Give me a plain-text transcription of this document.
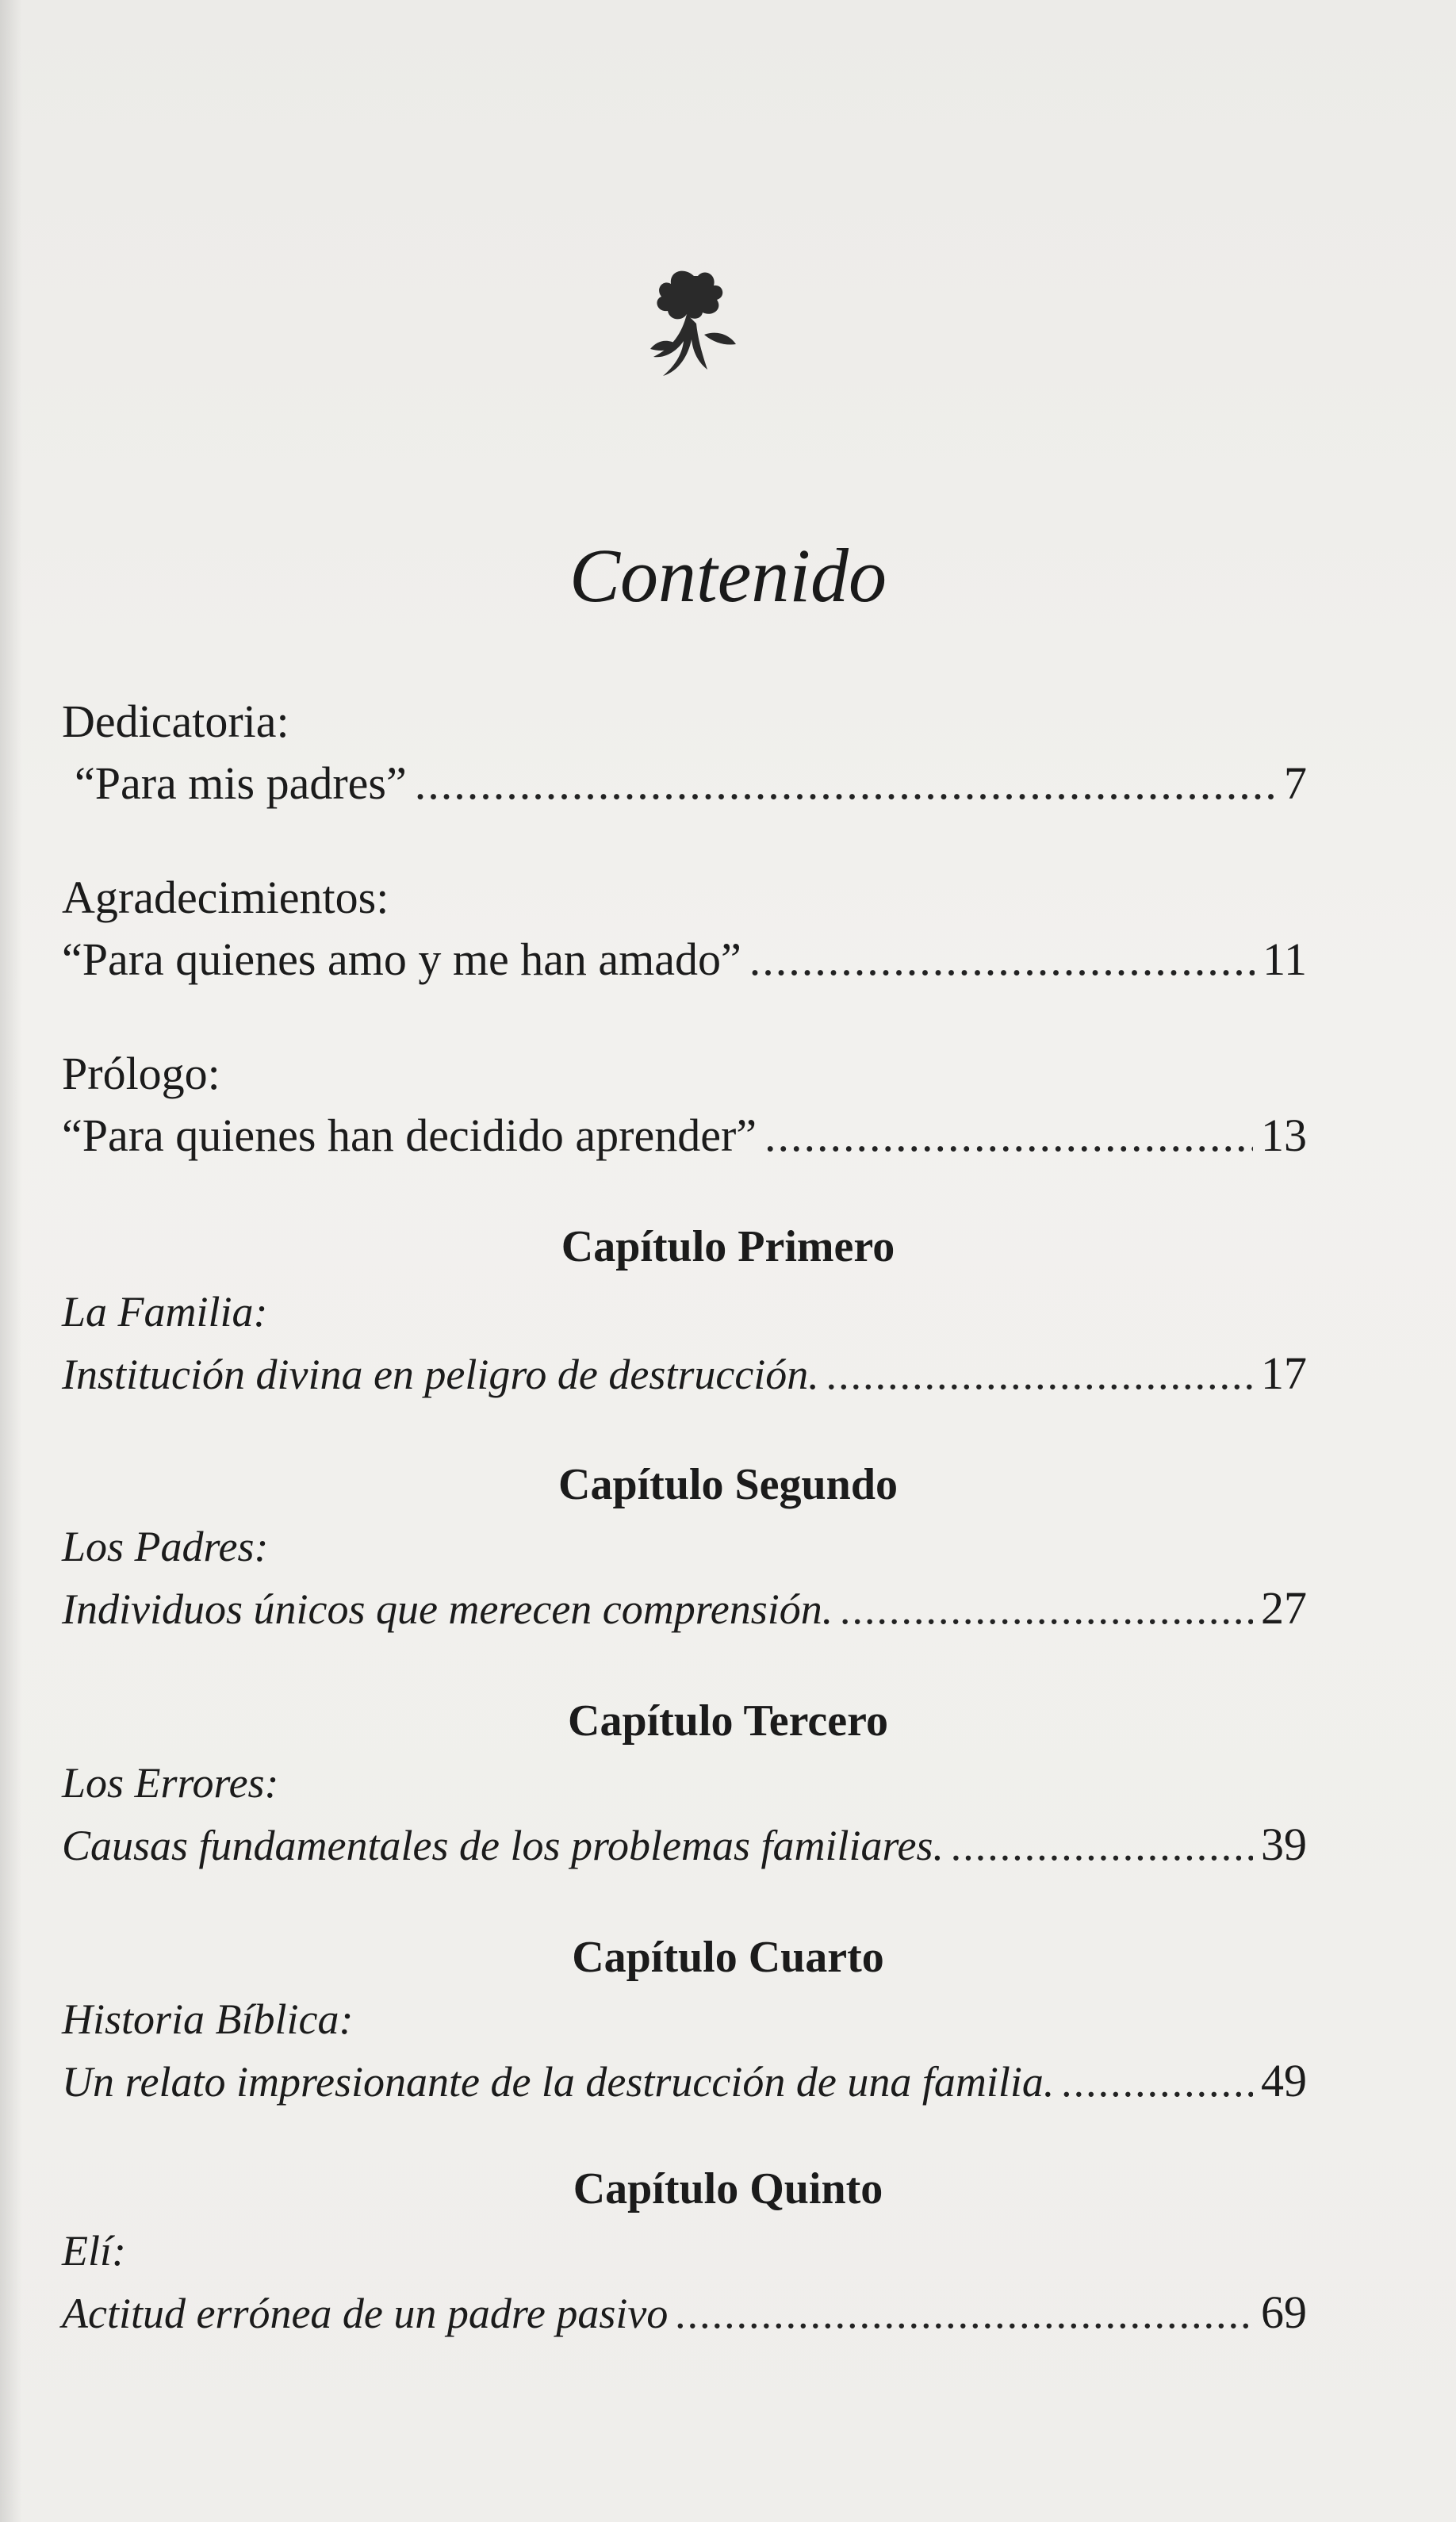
Contenido
Dedicatoria:
“Para mis padres” .....	7
Agradecimientos:
“Para quienes amo y me han amado” .....	11
Prólogo:
“Para quienes han decidido aprender” .....	13
Capítulo Primero
La Familia:
Institución divina en peligro de destrucción. .....	17
Capítulo Segundo
Los Padres:
Individuos únicos que merecen comprensión. .....	27
Capítulo Tercero
Los Errores:
Causas fundamentales de los problemas familiares. .....	39
Capítulo Cuarto
Historia Bíblica:
Un relato impresionante de la destrucción de una familia. .....	49
Capítulo Quinto
Elí:
Actitud errónea de un padre pasivo .....	69
